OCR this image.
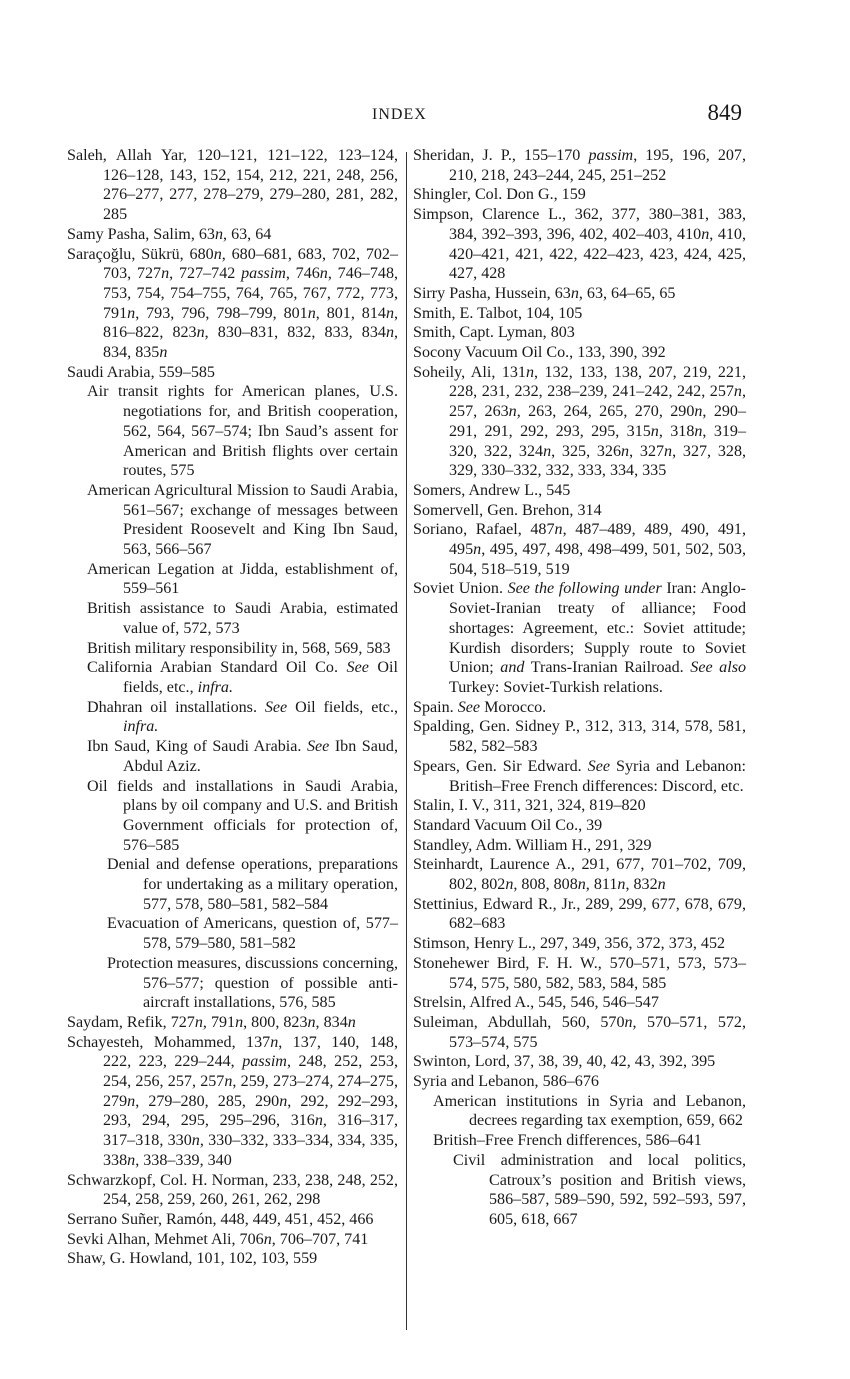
INDEX	849
Saleh, Allah Yar, 120–121, 121–122, 123–124, 126–128, 143, 152, 154, 212, 221, 248, 256, 276–277, 277, 278–279, 279–280, 281, 282, 285
Samy Pasha, Salim, 63n, 63, 64
Saraçoğlu, Sükrü, 680n, 680–681, 683, 702, 702–703, 727n, 727–742 passim, 746n, 746–748, 753, 754, 754–755, 764, 765, 767, 772, 773, 791n, 793, 796, 798–799, 801n, 801, 814n, 816–822, 823n, 830–831, 832, 833, 834n, 834, 835n
Saudi Arabia, 559–585
Air transit rights for American planes, U.S. negotiations for, and British cooperation, 562, 564, 567–574; Ibn Saud’s assent for American and British flights over certain routes, 575
American Agricultural Mission to Saudi Arabia, 561–567; exchange of messages between President Roosevelt and King Ibn Saud, 563, 566–567
American Legation at Jidda, establishment of, 559–561
British assistance to Saudi Arabia, estimated value of, 572, 573
British military responsibility in, 568, 569, 583
California Arabian Standard Oil Co. See Oil fields, etc., infra.
Dhahran oil installations. See Oil fields, etc., infra.
Ibn Saud, King of Saudi Arabia. See Ibn Saud, Abdul Aziz.
Oil fields and installations in Saudi Arabia, plans by oil company and U.S. and British Government officials for protection of, 576–585
Denial and defense operations, preparations for undertaking as a military operation, 577, 578, 580–581, 582–584
Evacuation of Americans, question of, 577–578, 579–580, 581–582
Protection measures, discussions concerning, 576–577; question of possible anti-aircraft installations, 576, 585
Saydam, Refik, 727n, 791n, 800, 823n, 834n
Schayesteh, Mohammed, 137n, 137, 140, 148, 222, 223, 229–244, passim, 248, 252, 253, 254, 256, 257, 257n, 259, 273–274, 274–275, 279n, 279–280, 285, 290n, 292, 292–293, 293, 294, 295, 295–296, 316n, 316–317, 317–318, 330n, 330–332, 333–334, 334, 335, 338n, 338–339, 340
Schwarzkopf, Col. H. Norman, 233, 238, 248, 252, 254, 258, 259, 260, 261, 262, 298
Serrano Suñer, Ramón, 448, 449, 451, 452, 466
Sevki Alhan, Mehmet Ali, 706n, 706–707, 741
Shaw, G. Howland, 101, 102, 103, 559
Sheridan, J. P., 155–170 passim, 195, 196, 207, 210, 218, 243–244, 245, 251–252
Shingler, Col. Don G., 159
Simpson, Clarence L., 362, 377, 380–381, 383, 384, 392–393, 396, 402, 402–403, 410n, 410, 420–421, 421, 422, 422–423, 423, 424, 425, 427, 428
Sirry Pasha, Hussein, 63n, 63, 64–65, 65
Smith, E. Talbot, 104, 105
Smith, Capt. Lyman, 803
Socony Vacuum Oil Co., 133, 390, 392
Soheily, Ali, 131n, 132, 133, 138, 207, 219, 221, 228, 231, 232, 238–239, 241–242, 242, 257n, 257, 263n, 263, 264, 265, 270, 290n, 290–291, 291, 292, 293, 295, 315n, 318n, 319–320, 322, 324n, 325, 326n, 327n, 327, 328, 329, 330–332, 332, 333, 334, 335
Somers, Andrew L., 545
Somervell, Gen. Brehon, 314
Soriano, Rafael, 487n, 487–489, 489, 490, 491, 495n, 495, 497, 498, 498–499, 501, 502, 503, 504, 518–519, 519
Soviet Union. See the following under Iran: Anglo-Soviet-Iranian treaty of alliance; Food shortages: Agreement, etc.: Soviet attitude; Kurdish disorders; Supply route to Soviet Union; and Trans-Iranian Railroad. See also Turkey: Soviet-Turkish relations.
Spain. See Morocco.
Spalding, Gen. Sidney P., 312, 313, 314, 578, 581, 582, 582–583
Spears, Gen. Sir Edward. See Syria and Lebanon: British–Free French differences: Discord, etc.
Stalin, I. V., 311, 321, 324, 819–820
Standard Vacuum Oil Co., 39
Standley, Adm. William H., 291, 329
Steinhardt, Laurence A., 291, 677, 701–702, 709, 802, 802n, 808, 808n, 811n, 832n
Stettinius, Edward R., Jr., 289, 299, 677, 678, 679, 682–683
Stimson, Henry L., 297, 349, 356, 372, 373, 452
Stonehewer Bird, F. H. W., 570–571, 573, 573–574, 575, 580, 582, 583, 584, 585
Strelsin, Alfred A., 545, 546, 546–547
Suleiman, Abdullah, 560, 570n, 570–571, 572, 573–574, 575
Swinton, Lord, 37, 38, 39, 40, 42, 43, 392, 395
Syria and Lebanon, 586–676
American institutions in Syria and Lebanon, decrees regarding tax exemption, 659, 662
British–Free French differences, 586–641
Civil administration and local politics, Catroux’s position and British views, 586–587, 589–590, 592, 592–593, 597, 605, 618, 667
